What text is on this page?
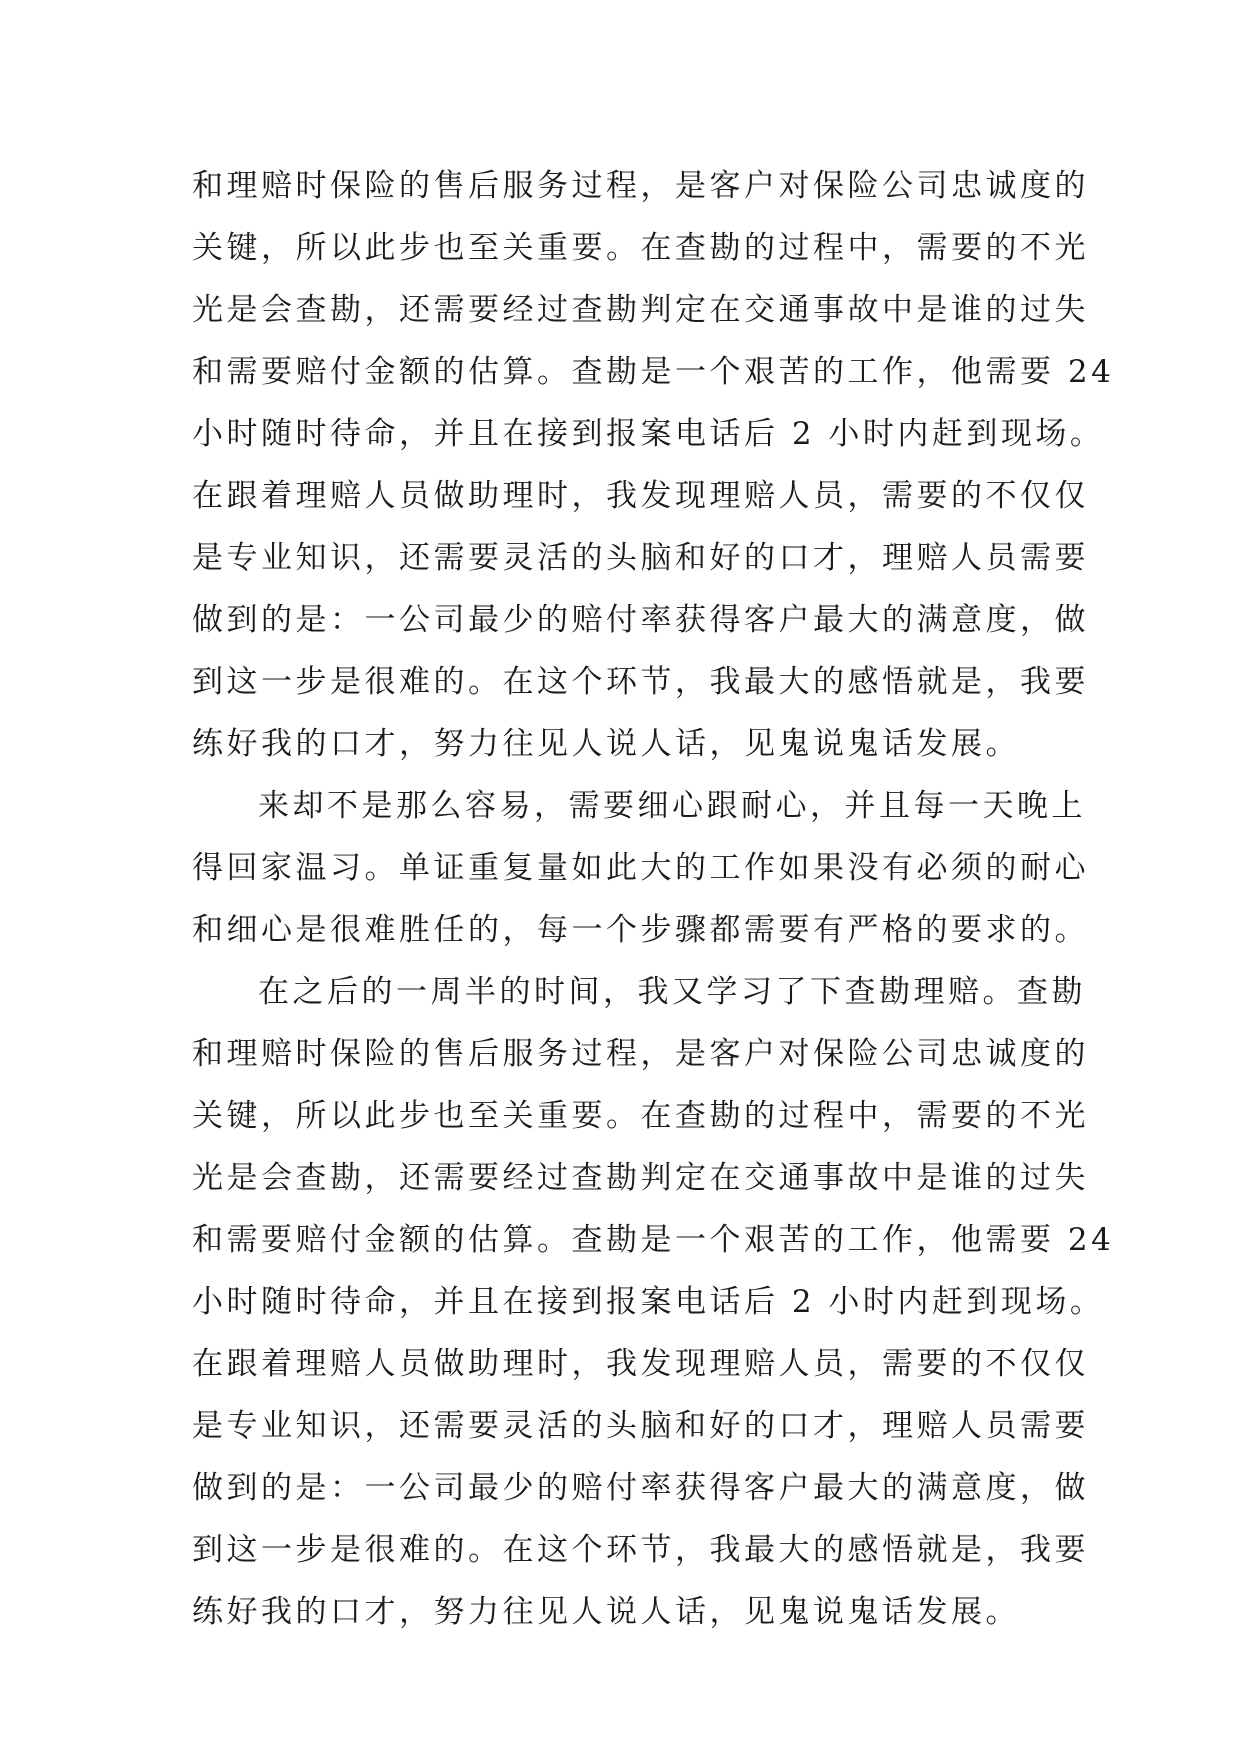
和理赔时保险的售后服务过程，是客户对保险公司忠诚度的
关键，所以此步也至关重要。在查勘的过程中，需要的不光
光是会查勘，还需要经过查勘判定在交通事故中是谁的过失
和需要赔付金额的估算。查勘是一个艰苦的工作，他需要 24
小时随时待命，并且在接到报案电话后 2 小时内赶到现场。
在跟着理赔人员做助理时，我发现理赔人员，需要的不仅仅
是专业知识，还需要灵活的头脑和好的口才，理赔人员需要
做到的是：一公司最少的赔付率获得客户最大的满意度，做
到这一步是很难的。在这个环节，我最大的感悟就是，我要
练好我的口才，努力往见人说人话，见鬼说鬼话发展。
来却不是那么容易，需要细心跟耐心，并且每一天晚上
得回家温习。单证重复量如此大的工作如果没有必须的耐心
和细心是很难胜任的，每一个步骤都需要有严格的要求的。
在之后的一周半的时间，我又学习了下查勘理赔。查勘
和理赔时保险的售后服务过程，是客户对保险公司忠诚度的
关键，所以此步也至关重要。在查勘的过程中，需要的不光
光是会查勘，还需要经过查勘判定在交通事故中是谁的过失
和需要赔付金额的估算。查勘是一个艰苦的工作，他需要 24
小时随时待命，并且在接到报案电话后 2 小时内赶到现场。
在跟着理赔人员做助理时，我发现理赔人员，需要的不仅仅
是专业知识，还需要灵活的头脑和好的口才，理赔人员需要
做到的是：一公司最少的赔付率获得客户最大的满意度，做
到这一步是很难的。在这个环节，我最大的感悟就是，我要
练好我的口才，努力往见人说人话，见鬼说鬼话发展。
